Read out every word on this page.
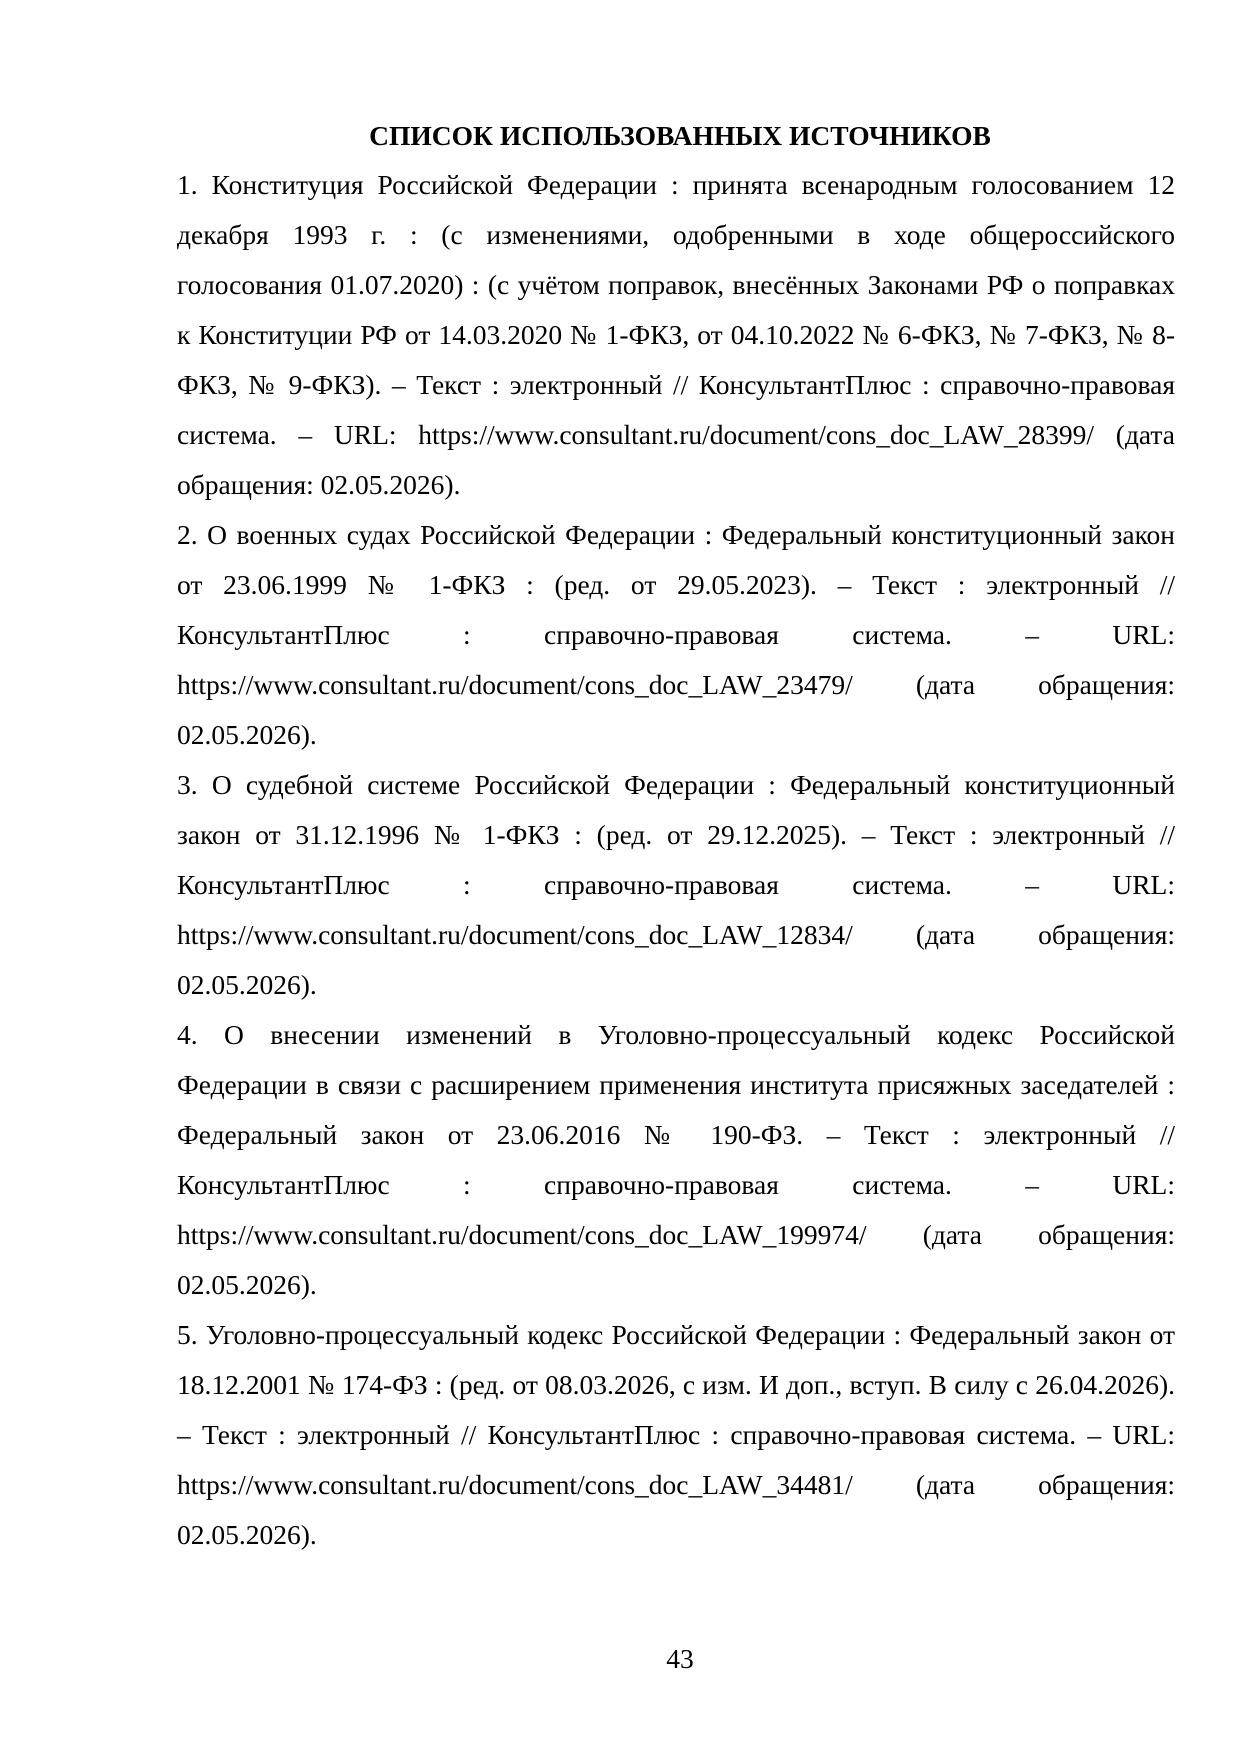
СПИСОК ИСПОЛЬЗОВАННЫХ ИСТОЧНИКОВ

1. Конституция Российской Федерации : принята всенародным голосованием 12 декабря 1993 г. : (с изменениями, одобренными в ходе общероссийского голосования 01.07.2020) : (с учётом поправок, внесённых Законами РФ о поправках к Конституции РФ от 14.03.2020 № 1-ФКЗ, от 04.10.2022 № 6-ФКЗ, № 7-ФКЗ, № 8-ФКЗ, № 9-ФКЗ). – Текст : электронный // КонсультантПлюс : справочно-правовая система. – URL: https://www.consultant.ru/document/cons_doc_LAW_28399/ (дата обращения: 02.05.2026).

2. О военных судах Российской Федерации : Федеральный конституционный закон от 23.06.1999 № 1-ФКЗ : (ред. от 29.05.2023). – Текст : электронный // КонсультантПлюс : справочно-правовая система. – URL: https://www.consultant.ru/document/cons_doc_LAW_23479/ (дата обращения: 02.05.2026).

3. О судебной системе Российской Федерации : Федеральный конституционный закон от 31.12.1996 № 1-ФКЗ : (ред. от 29.12.2025). – Текст : электронный // КонсультантПлюс : справочно-правовая система. – URL: https://www.consultant.ru/document/cons_doc_LAW_12834/ (дата обращения: 02.05.2026).

4. О внесении изменений в Уголовно-процессуальный кодекс Российской Федерации в связи с расширением применения института присяжных заседателей : Федеральный закон от 23.06.2016 № 190-ФЗ. – Текст : электронный // КонсультантПлюс : справочно-правовая система. – URL: https://www.consultant.ru/document/cons_doc_LAW_199974/ (дата обращения: 02.05.2026).

5. Уголовно-процессуальный кодекс Российской Федерации : Федеральный закон от 18.12.2001 № 174-ФЗ : (ред. от 08.03.2026, с изм. И доп., вступ. В силу с 26.04.2026). – Текст : электронный // КонсультантПлюс : справочно-правовая система. – URL: https://www.consultant.ru/document/cons_doc_LAW_34481/ (дата обращения: 02.05.2026).

43
